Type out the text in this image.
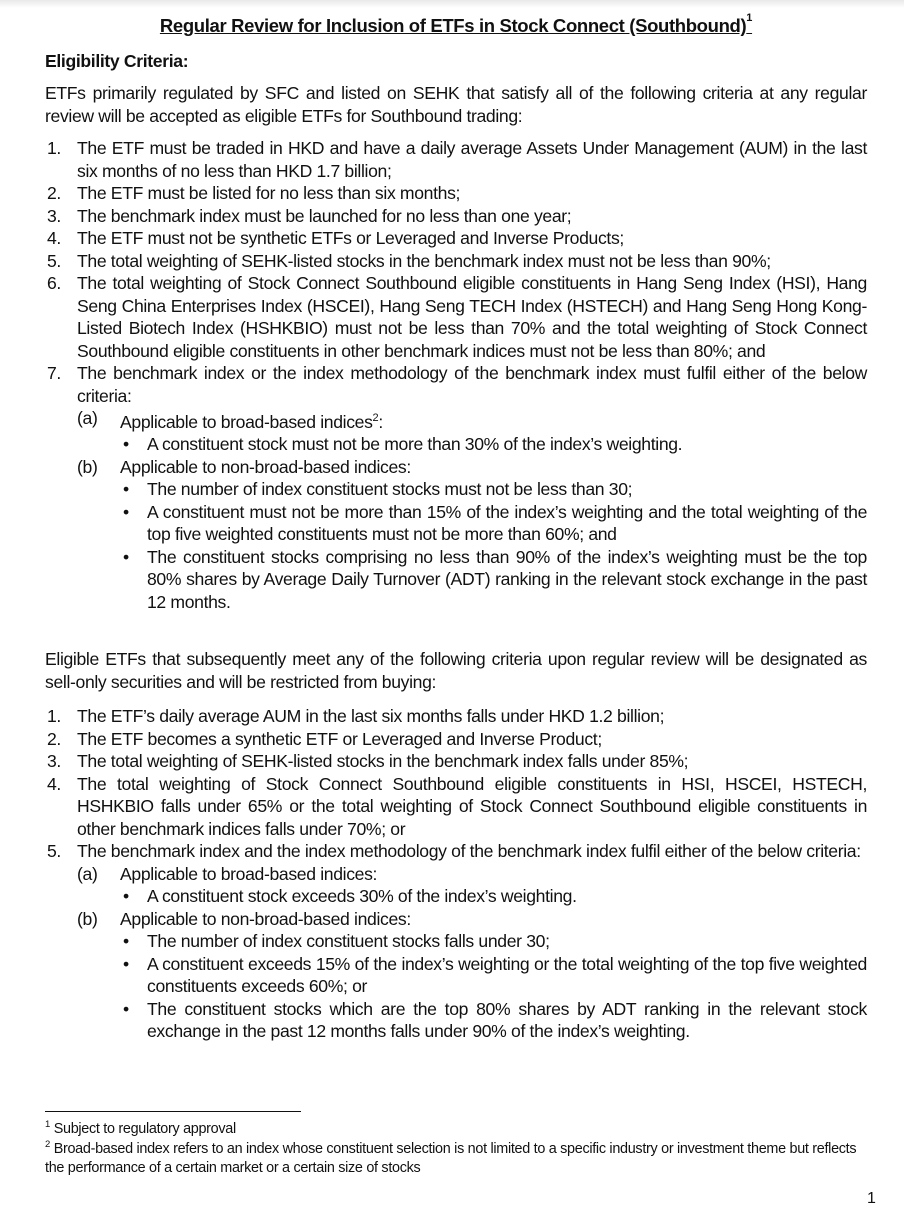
Regular Review for Inclusion of ETFs in Stock Connect (Southbound)$^1$
Eligibility Criteria:
ETFs primarily regulated by SFC and listed on SEHK that satisfy all of the following criteria at any regular review will be accepted as eligible ETFs for Southbound trading:
1. The ETF must be traded in HKD and have a daily average Assets Under Management (AUM) in the last six months of no less than HKD 1.7 billion;
2. The ETF must be listed for no less than six months;
3. The benchmark index must be launched for no less than one year;
4. The ETF must not be synthetic ETFs or Leveraged and Inverse Products;
5. The total weighting of SEHK-listed stocks in the benchmark index must not be less than 90%;
6. The total weighting of Stock Connect Southbound eligible constituents in Hang Seng Index (HSI), Hang Seng China Enterprises Index (HSCEI), Hang Seng TECH Index (HSTECH) and Hang Seng Hong Kong-Listed Biotech Index (HSHKBIO) must not be less than 70% and the total weighting of Stock Connect Southbound eligible constituents in other benchmark indices must not be less than 80%; and
7. The benchmark index or the index methodology of the benchmark index must fulfil either of the below criteria:
(a) Applicable to broad-based indices$^2$:
• A constituent stock must not be more than 30% of the index’s weighting.
(b) Applicable to non-broad-based indices:
• The number of index constituent stocks must not be less than 30;
• A constituent must not be more than 15% of the index’s weighting and the total weighting of the top five weighted constituents must not be more than 60%; and
• The constituent stocks comprising no less than 90% of the index’s weighting must be the top 80% shares by Average Daily Turnover (ADT) ranking in the relevant stock exchange in the past 12 months.
Eligible ETFs that subsequently meet any of the following criteria upon regular review will be designated as sell-only securities and will be restricted from buying:
1. The ETF’s daily average AUM in the last six months falls under HKD 1.2 billion;
2. The ETF becomes a synthetic ETF or Leveraged and Inverse Product;
3. The total weighting of SEHK-listed stocks in the benchmark index falls under 85%;
4. The total weighting of Stock Connect Southbound eligible constituents in HSI, HSCEI, HSTECH, HSHKBIO falls under 65% or the total weighting of Stock Connect Southbound eligible constituents in other benchmark indices falls under 70%; or
5. The benchmark index and the index methodology of the benchmark index fulfil either of the below criteria:
(a) Applicable to broad-based indices:
• A constituent stock exceeds 30% of the index’s weighting.
(b) Applicable to non-broad-based indices:
• The number of index constituent stocks falls under 30;
• A constituent exceeds 15% of the index’s weighting or the total weighting of the top five weighted constituents exceeds 60%; or
• The constituent stocks which are the top 80% shares by ADT ranking in the relevant stock exchange in the past 12 months falls under 90% of the index’s weighting.
$^1$ Subject to regulatory approval
$^2$ Broad-based index refers to an index whose constituent selection is not limited to a specific industry or investment theme but reflects the performance of a certain market or a certain size of stocks
1
